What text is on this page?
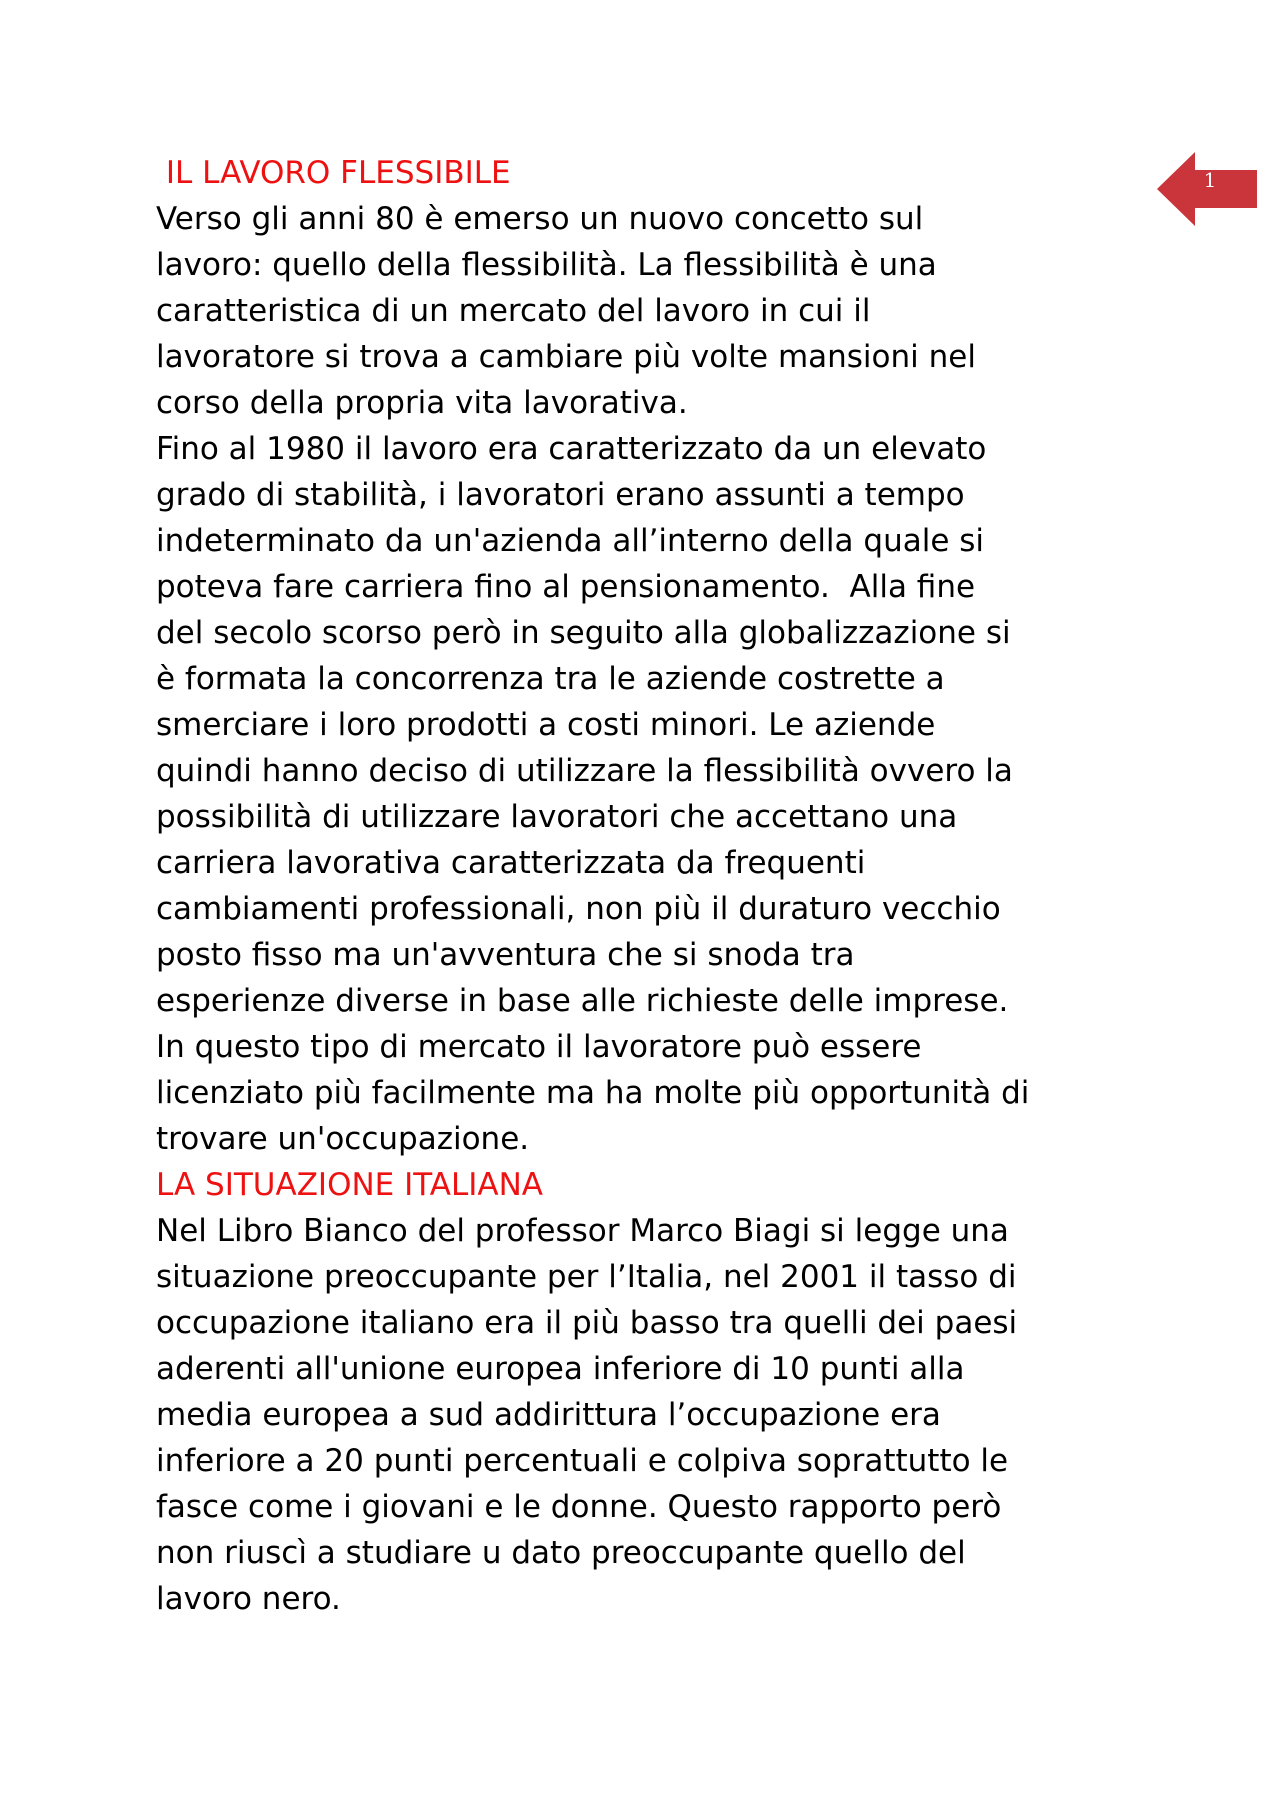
1
IL LAVORO FLESSIBILE

Verso gli anni 80 è emerso un nuovo concetto sul
lavoro: quello della flessibilità. La flessibilità è una
caratteristica di un mercato del lavoro in cui il
lavoratore si trova a cambiare più volte mansioni nel
corso della propria vita lavorativa.
Fino al 1980 il lavoro era caratterizzato da un elevato
grado di stabilità, i lavoratori erano assunti a tempo
indeterminato da un'azienda all’interno della quale si
poteva fare carriera fino al pensionamento.  Alla fine
del secolo scorso però in seguito alla globalizzazione si
è formata la concorrenza tra le aziende costrette a
smerciare i loro prodotti a costi minori. Le aziende
quindi hanno deciso di utilizzare la flessibilità ovvero la
possibilità di utilizzare lavoratori che accettano una
carriera lavorativa caratterizzata da frequenti
cambiamenti professionali, non più il duraturo vecchio
posto fisso ma un'avventura che si snoda tra
esperienze diverse in base alle richieste delle imprese.
In questo tipo di mercato il lavoratore può essere
licenziato più facilmente ma ha molte più opportunità di
trovare un'occupazione.

LA SITUAZIONE ITALIANA

Nel Libro Bianco del professor Marco Biagi si legge una
situazione preoccupante per l’Italia, nel 2001 il tasso di
occupazione italiano era il più basso tra quelli dei paesi
aderenti all'unione europea inferiore di 10 punti alla
media europea a sud addirittura l’occupazione era
inferiore a 20 punti percentuali e colpiva soprattutto le
fasce come i giovani e le donne. Questo rapporto però
non riuscì a studiare u dato preoccupante quello del
lavoro nero.
